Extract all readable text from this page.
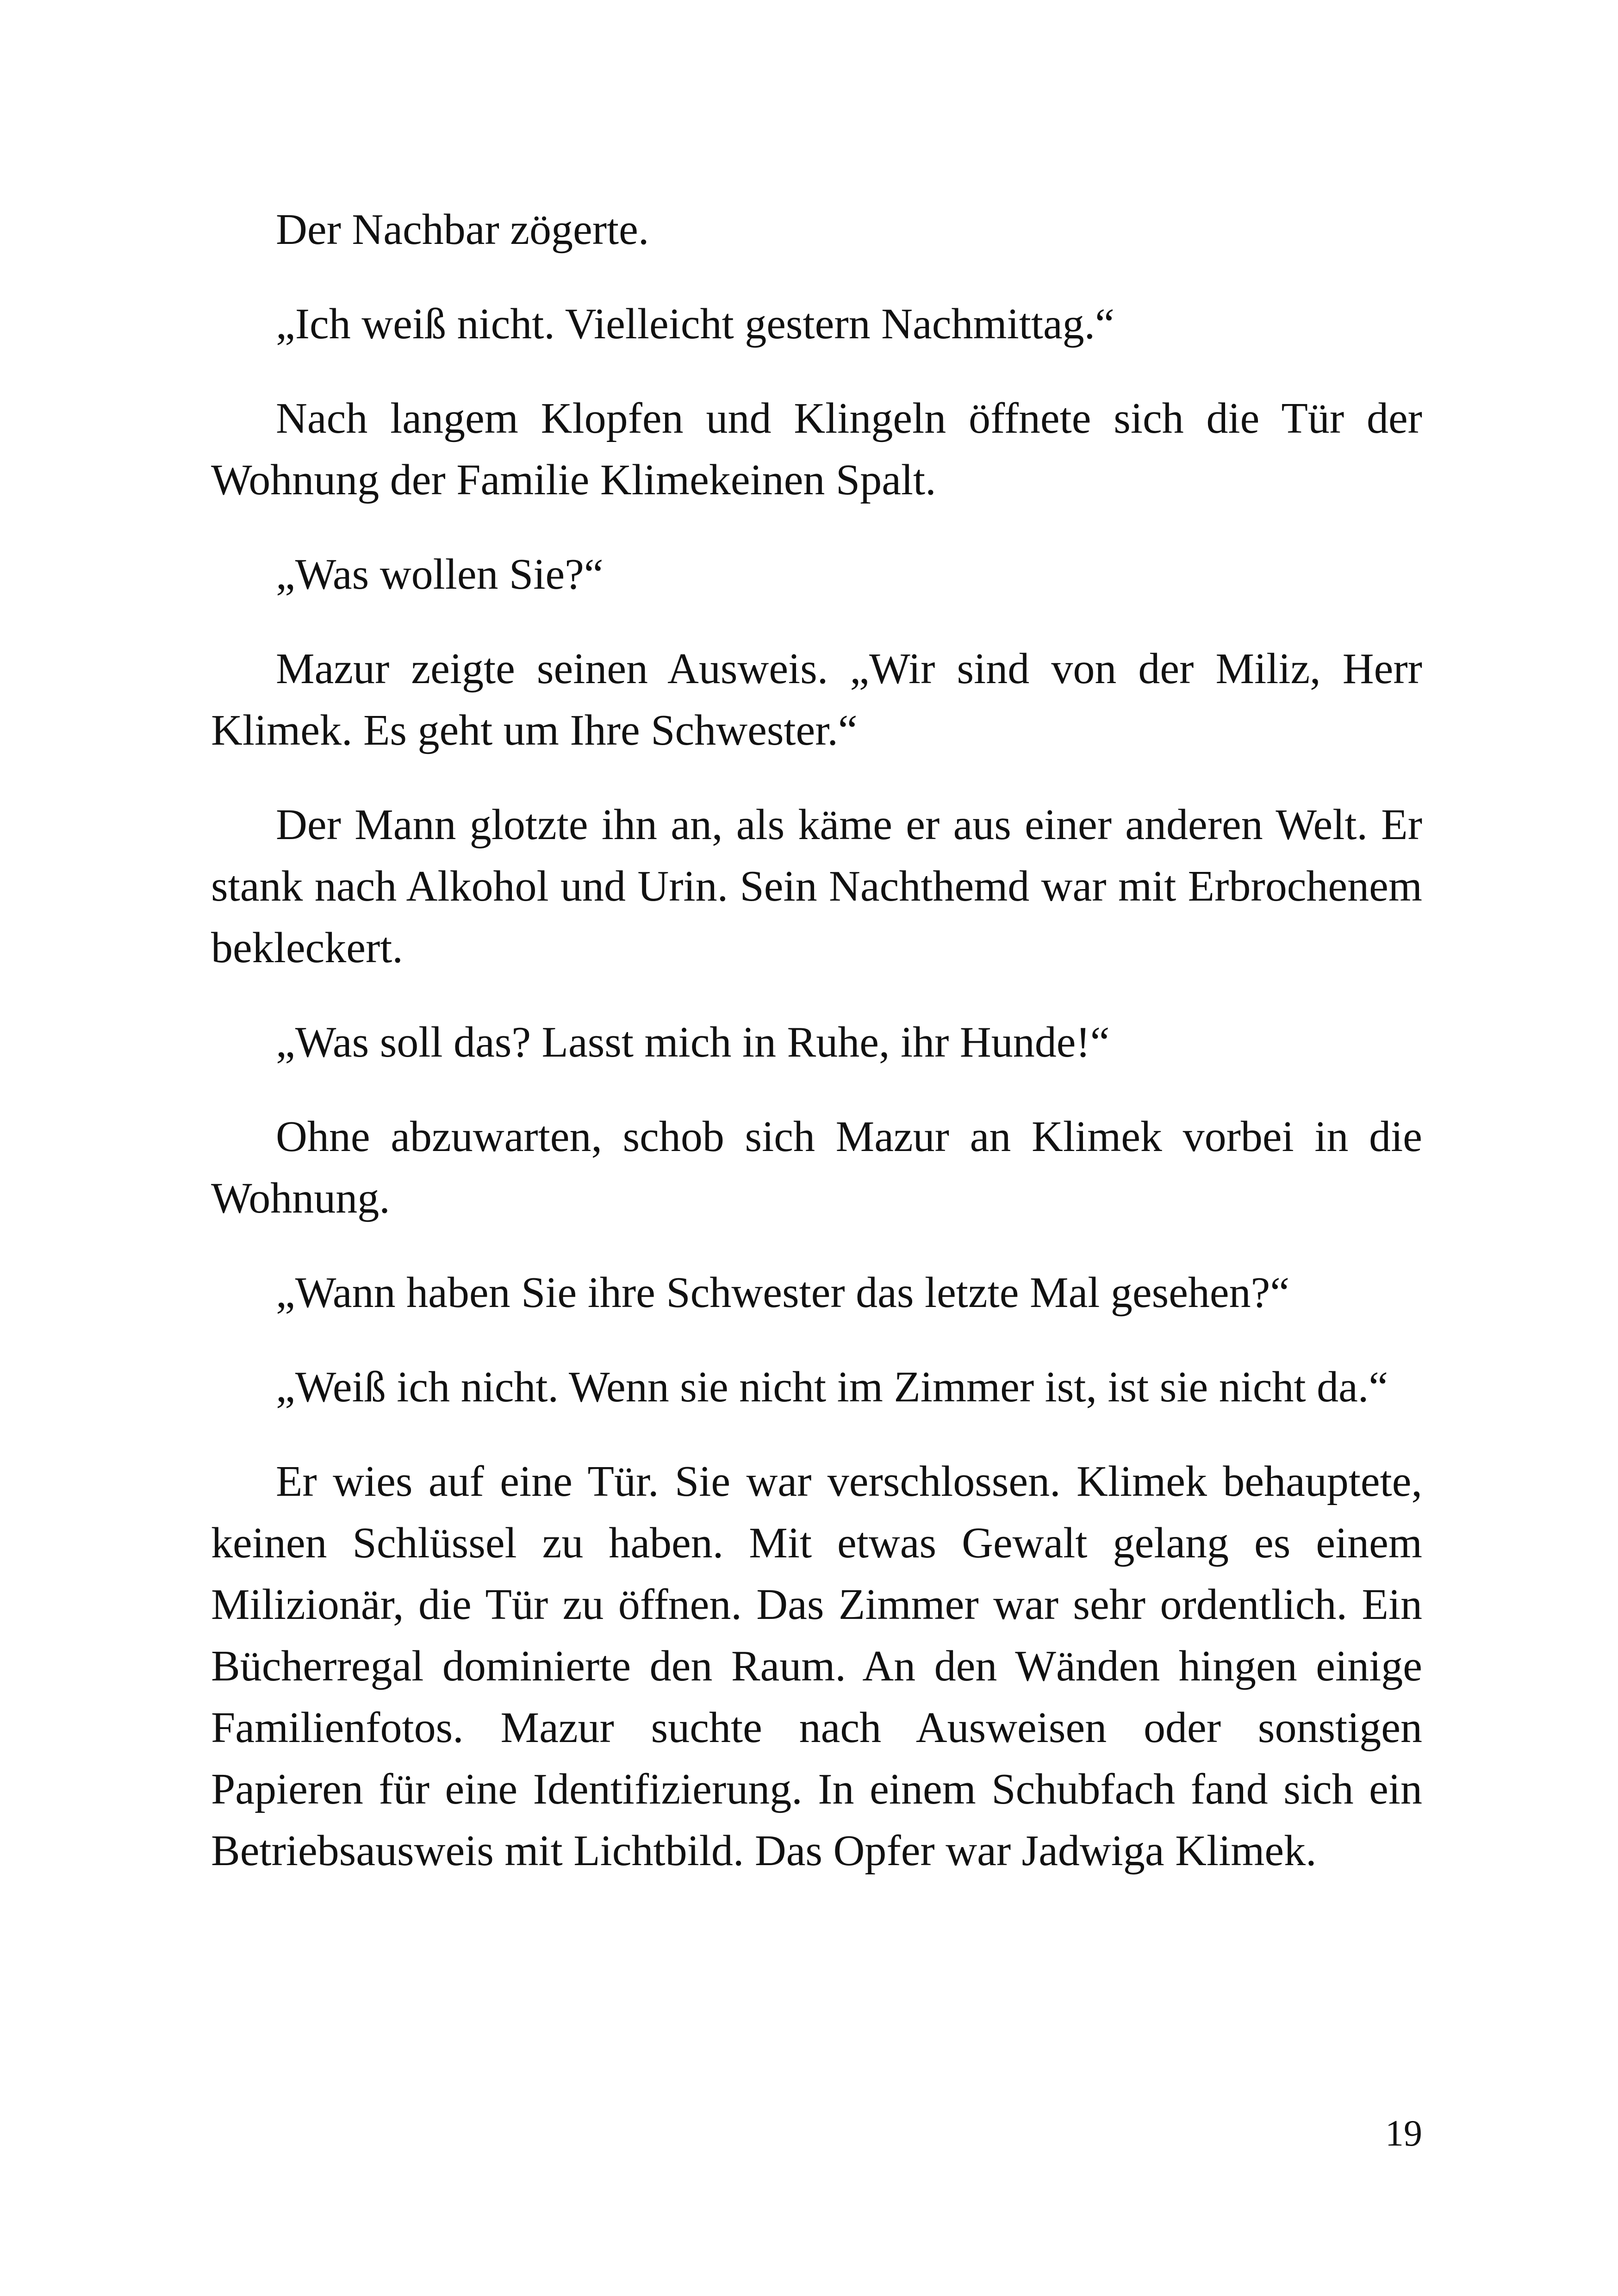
Der Nachbar zögerte.

„Ich weiß nicht. Vielleicht gestern Nachmittag.“

Nach langem Klopfen und Klingeln öffnete sich die Tür der Wohnung der Familie Klimekeinen Spalt.

„Was wollen Sie?“

Mazur zeigte seinen Ausweis. „Wir sind von der Miliz, Herr Klimek. Es geht um Ihre Schwester.“

Der Mann glotzte ihn an, als käme er aus einer anderen Welt. Er stank nach Alkohol und Urin. Sein Nachthemd war mit Erbrochenem bekleckert.

„Was soll das? Lasst mich in Ruhe, ihr Hunde!“

Ohne abzuwarten, schob sich Mazur an Klimek vorbei in die Wohnung.

„Wann haben Sie ihre Schwester das letzte Mal gesehen?“

„Weiß ich nicht. Wenn sie nicht im Zimmer ist, ist sie nicht da.“

Er wies auf eine Tür. Sie war verschlossen. Klimek behauptete, keinen Schlüssel zu haben. Mit etwas Gewalt gelang es einem Milizionär, die Tür zu öffnen. Das Zimmer war sehr ordentlich. Ein Bücherregal dominierte den Raum. An den Wänden hingen einige Familienfotos. Mazur suchte nach Ausweisen oder sonstigen Papieren für eine Identifizierung. In einem Schubfach fand sich ein Betriebsausweis mit Lichtbild. Das Opfer war Jadwiga Klimek.

19
